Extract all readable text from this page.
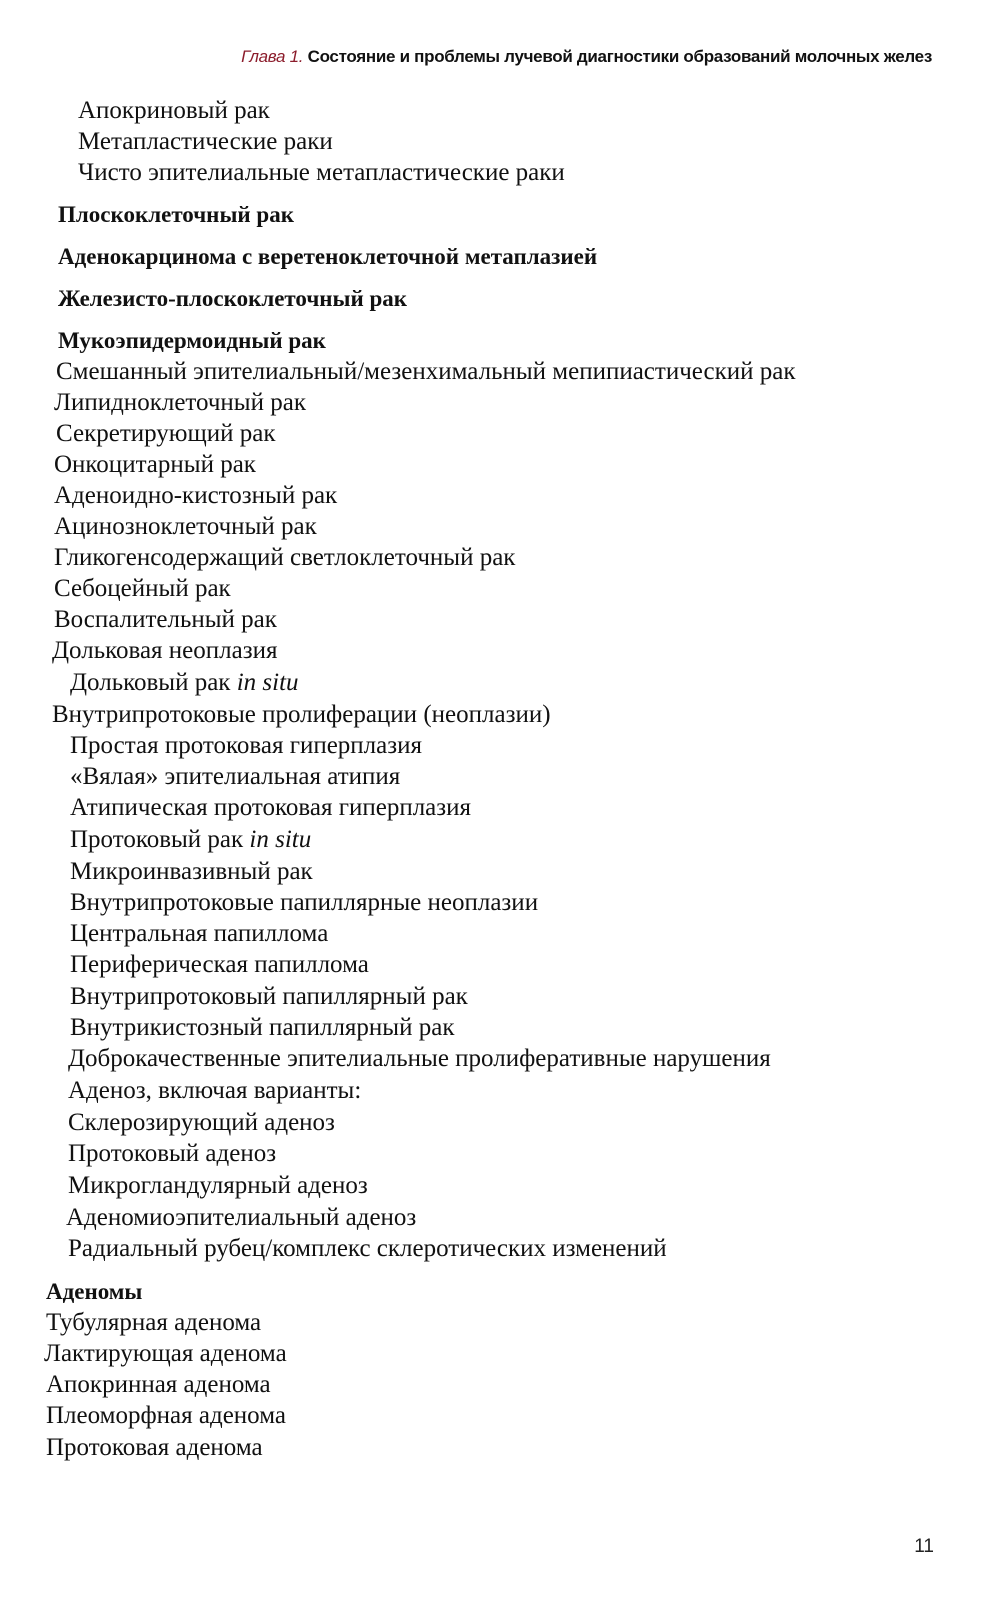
Глава 1. Состояние и проблемы лучевой диагностики образований молочных желез
Апокриновый рак
Метапластические раки
Чисто эпителиальные метапластические раки
Плоскоклеточный рак
Аденокарцинома с веретеноклеточной метаплазией
Железисто-плоскоклеточный рак
Мукоэпидермоидный рак
Смешанный эпителиальный/мезенхимальный мепипиастический рак
Липидноклеточный рак
Секретирующий рак
Онкоцитарный рак
Аденоидно-кистозный рак
Ацинозноклеточный рак
Гликогенсодержащий светлоклеточный рак
Себоцейный рак
Воспалительный рак
Дольковая неоплазия
Дольковый рак in situ
Внутрипротоковые пролиферации (неоплазии)
Простая протоковая гиперплазия
«Вялая» эпителиальная атипия
Атипическая протоковая гиперплазия
Протоковый рак in situ
Микроинвазивный рак
Внутрипротоковые папиллярные неоплазии
Центральная папиллома
Периферическая папиллома
Внутрипротоковый папиллярный рак
Внутрикистозный папиллярный рак
Доброкачественные эпителиальные пролиферативные нарушения
Аденоз, включая варианты:
Склерозирующий аденоз
Протоковый аденоз
Микрогландулярный аденоз
Аденомиоэпителиальный аденоз
Радиальный рубец/комплекс склеротических изменений
Аденомы
Тубулярная аденома
Лактирующая аденома
Апокринная аденома
Плеоморфная аденома
Протоковая аденома
11
